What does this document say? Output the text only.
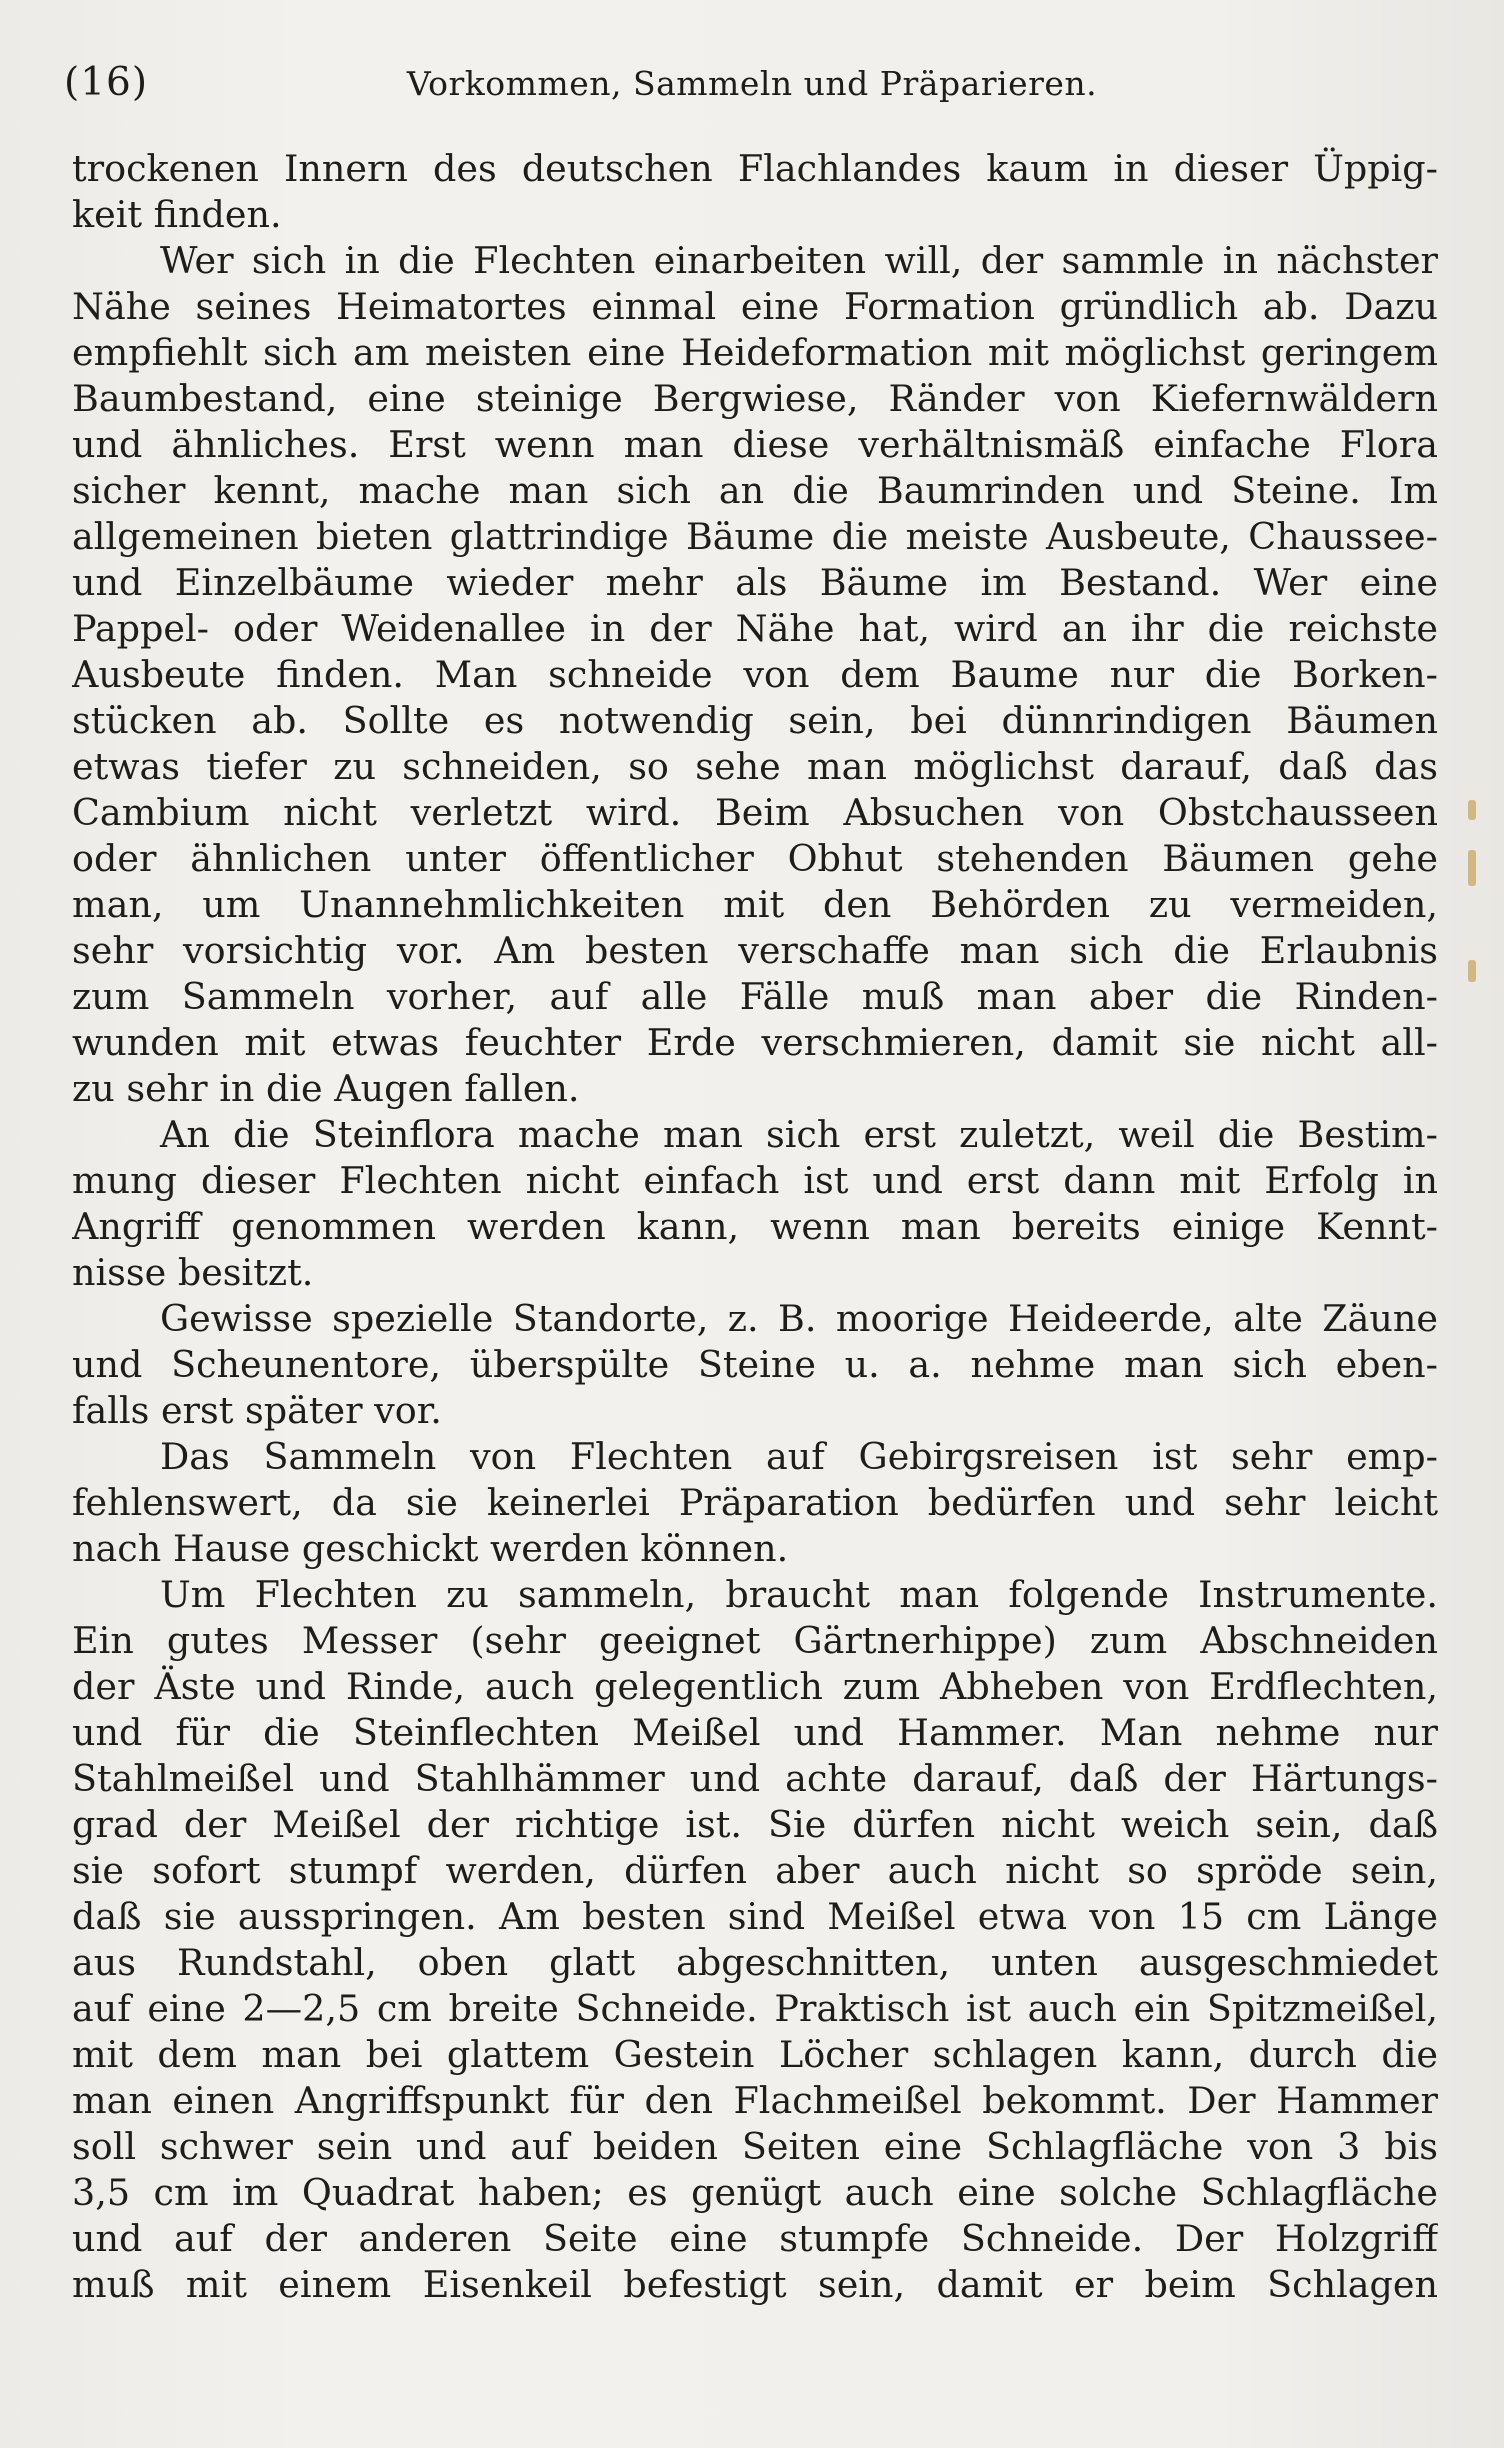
(16)	Vorkommen, Sammeln und Präparieren.
trockenen Innern des deutschen Flachlandes kaum in dieser Üppig-
keit finden.
Wer sich in die Flechten einarbeiten will, der sammle in nächster
Nähe seines Heimatortes einmal eine Formation gründlich ab. Dazu
empfiehlt sich am meisten eine Heideformation mit möglichst geringem
Baumbestand, eine steinige Bergwiese, Ränder von Kiefernwäldern
und ähnliches. Erst wenn man diese verhältnismäß einfache Flora
sicher kennt, mache man sich an die Baumrinden und Steine. Im
allgemeinen bieten glattrindige Bäume die meiste Ausbeute, Chaussee-
und Einzelbäume wieder mehr als Bäume im Bestand. Wer eine
Pappel- oder Weidenallee in der Nähe hat, wird an ihr die reichste
Ausbeute finden. Man schneide von dem Baume nur die Borken-
stücken ab. Sollte es notwendig sein, bei dünnrindigen Bäumen
etwas tiefer zu schneiden, so sehe man möglichst darauf, daß das
Cambium nicht verletzt wird. Beim Absuchen von Obstchausseen
oder ähnlichen unter öffentlicher Obhut stehenden Bäumen gehe
man, um Unannehmlichkeiten mit den Behörden zu vermeiden,
sehr vorsichtig vor. Am besten verschaffe man sich die Erlaubnis
zum Sammeln vorher, auf alle Fälle muß man aber die Rinden-
wunden mit etwas feuchter Erde verschmieren, damit sie nicht all-
zu sehr in die Augen fallen.
An die Steinflora mache man sich erst zuletzt, weil die Bestim-
mung dieser Flechten nicht einfach ist und erst dann mit Erfolg in
Angriff genommen werden kann, wenn man bereits einige Kennt-
nisse besitzt.
Gewisse spezielle Standorte, z. B. moorige Heideerde, alte Zäune
und Scheunentore, überspülte Steine u. a. nehme man sich eben-
falls erst später vor.
Das Sammeln von Flechten auf Gebirgsreisen ist sehr emp-
fehlenswert, da sie keinerlei Präparation bedürfen und sehr leicht
nach Hause geschickt werden können.
Um Flechten zu sammeln, braucht man folgende Instrumente.
Ein gutes Messer (sehr geeignet Gärtnerhippe) zum Abschneiden
der Äste und Rinde, auch gelegentlich zum Abheben von Erdflechten,
und für die Steinflechten Meißel und Hammer. Man nehme nur
Stahlmeißel und Stahlhämmer und achte darauf, daß der Härtungs-
grad der Meißel der richtige ist. Sie dürfen nicht weich sein, daß
sie sofort stumpf werden, dürfen aber auch nicht so spröde sein,
daß sie ausspringen. Am besten sind Meißel etwa von 15 cm Länge
aus Rundstahl, oben glatt abgeschnitten, unten ausgeschmiedet
auf eine 2—2,5 cm breite Schneide. Praktisch ist auch ein Spitzmeißel,
mit dem man bei glattem Gestein Löcher schlagen kann, durch die
man einen Angriffspunkt für den Flachmeißel bekommt. Der Hammer
soll schwer sein und auf beiden Seiten eine Schlagfläche von 3 bis
3,5 cm im Quadrat haben; es genügt auch eine solche Schlagfläche
und auf der anderen Seite eine stumpfe Schneide. Der Holzgriff
muß mit einem Eisenkeil befestigt sein, damit er beim Schlagen
